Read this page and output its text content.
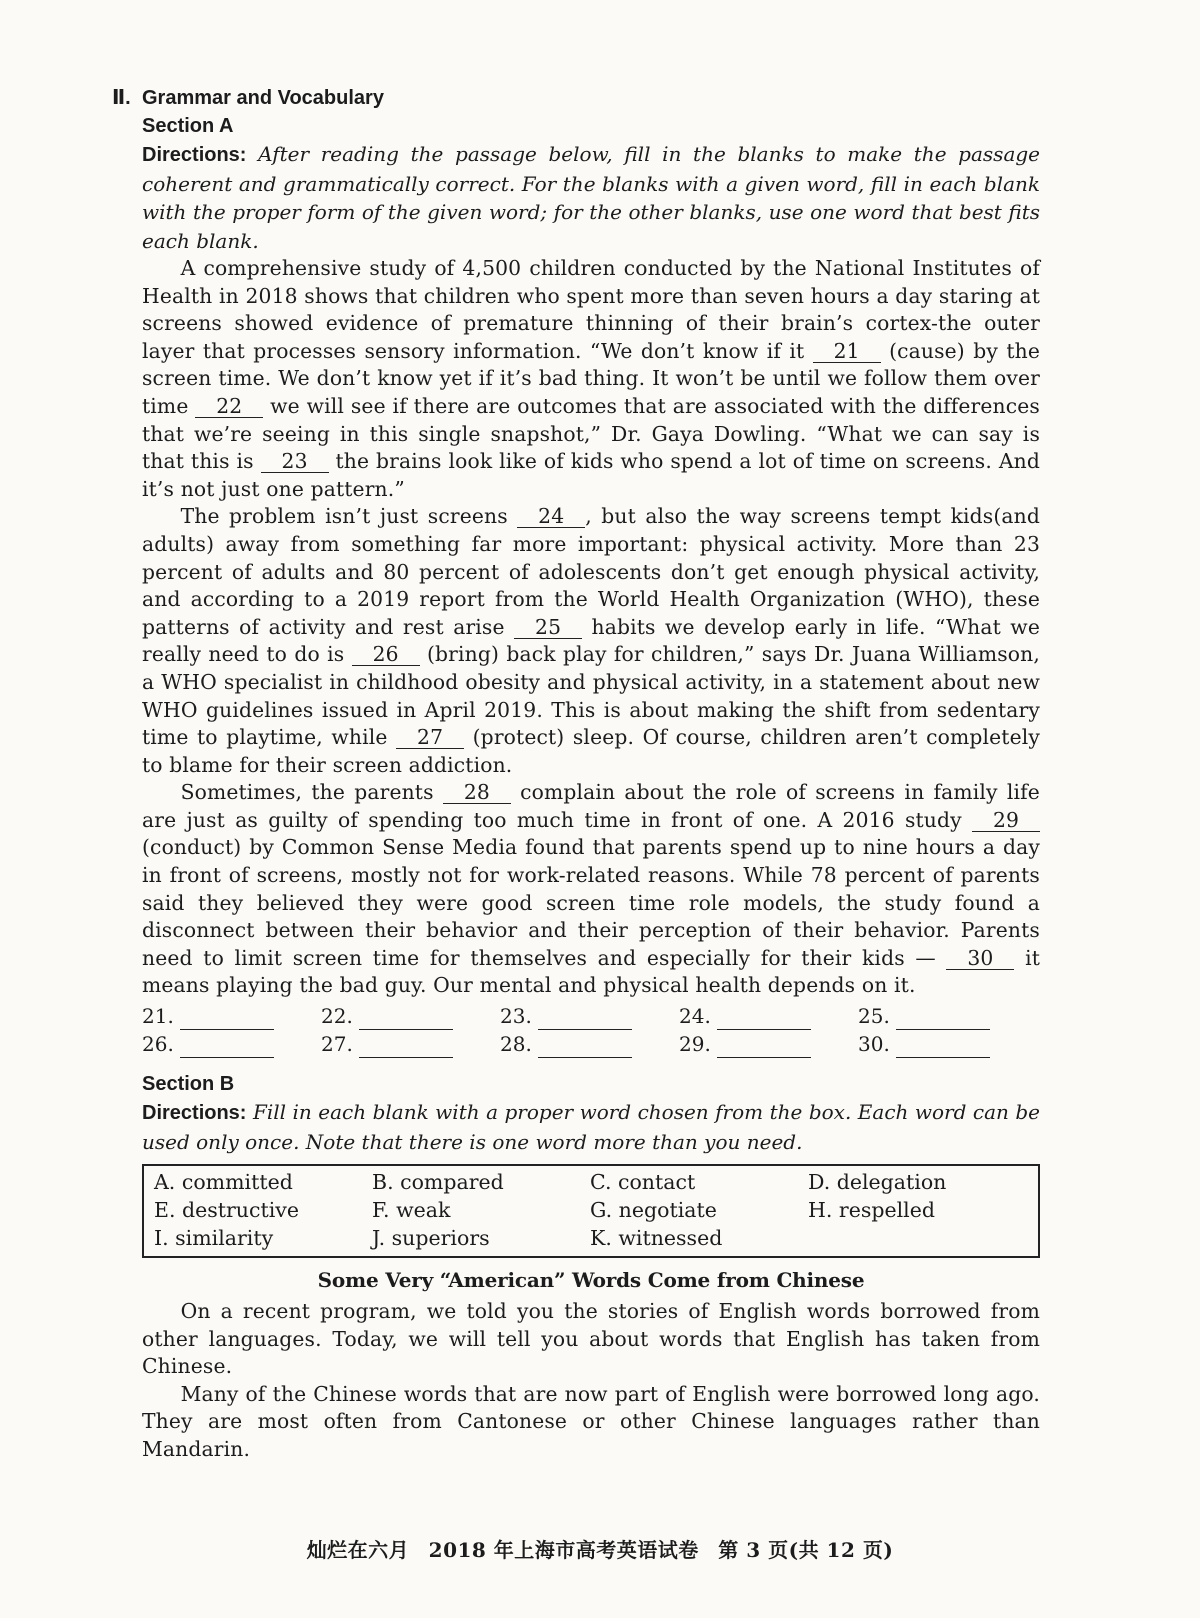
Ⅱ. Grammar and Vocabulary
Section A

Directions: After reading the passage below, fill in the blanks to make the passage coherent and grammatically correct. For the blanks with a given word, fill in each blank with the proper form of the given word; for the other blanks, use one word that best fits each blank.

A comprehensive study of 4,500 children conducted by the National Institutes of Health in 2018 shows that children who spent more than seven hours a day staring at screens showed evidence of premature thinning of their brain’s cortex-the outer layer that processes sensory information. “We don’t know if it 21 (cause) by the screen time. We don’t know yet if it’s bad thing. It won’t be until we follow them over time 22 we will see if there are outcomes that are associated with the differences that we’re seeing in this single snapshot,” Dr. Gaya Dowling. “What we can say is that this is 23 the brains look like of kids who spend a lot of time on screens. And it’s not just one pattern.”

The problem isn’t just screens 24 , but also the way screens tempt kids(and adults) away from something far more important: physical activity. More than 23 percent of adults and 80 percent of adolescents don’t get enough physical activity, and according to a 2019 report from the World Health Organization (WHO), these patterns of activity and rest arise 25 habits we develop early in life. “What we really need to do is 26 (bring) back play for children,” says Dr. Juana Williamson, a WHO specialist in childhood obesity and physical activity, in a statement about new WHO guidelines issued in April 2019. This is about making the shift from sedentary time to playtime, while 27 (protect) sleep. Of course, children aren’t completely to blame for their screen addiction.

Sometimes, the parents 28 complain about the role of screens in family life are just as guilty of spending too much time in front of one. A 2016 study 29 (conduct) by Common Sense Media found that parents spend up to nine hours a day in front of screens, mostly not for work-related reasons. While 78 percent of parents said they believed they were good screen time role models, the study found a disconnect between their behavior and their perception of their behavior. Parents need to limit screen time for themselves and especially for their kids — 30 it means playing the bad guy. Our mental and physical health depends on it.

21.	22.	23.	24.	25.
26.	27.	28.	29.	30.
Section B

Directions: Fill in each blank with a proper word chosen from the box. Each word can be used only once. Note that there is one word more than you need.

A. committed	B. compared	C. contact	D. delegation
E. destructive	F. weak	G. negotiate	H. respelled
I. similarity	J. superiors	K. witnessed
Some Very “American” Words Come from Chinese

On a recent program, we told you the stories of English words borrowed from other languages. Today, we will tell you about words that English has taken from Chinese.

Many of the Chinese words that are now part of English were borrowed long ago. They are most often from Cantonese or other Chinese languages rather than Mandarin.

灿烂在六月 2018 年上海市高考英语试卷 第 3 页(共 12 页)
